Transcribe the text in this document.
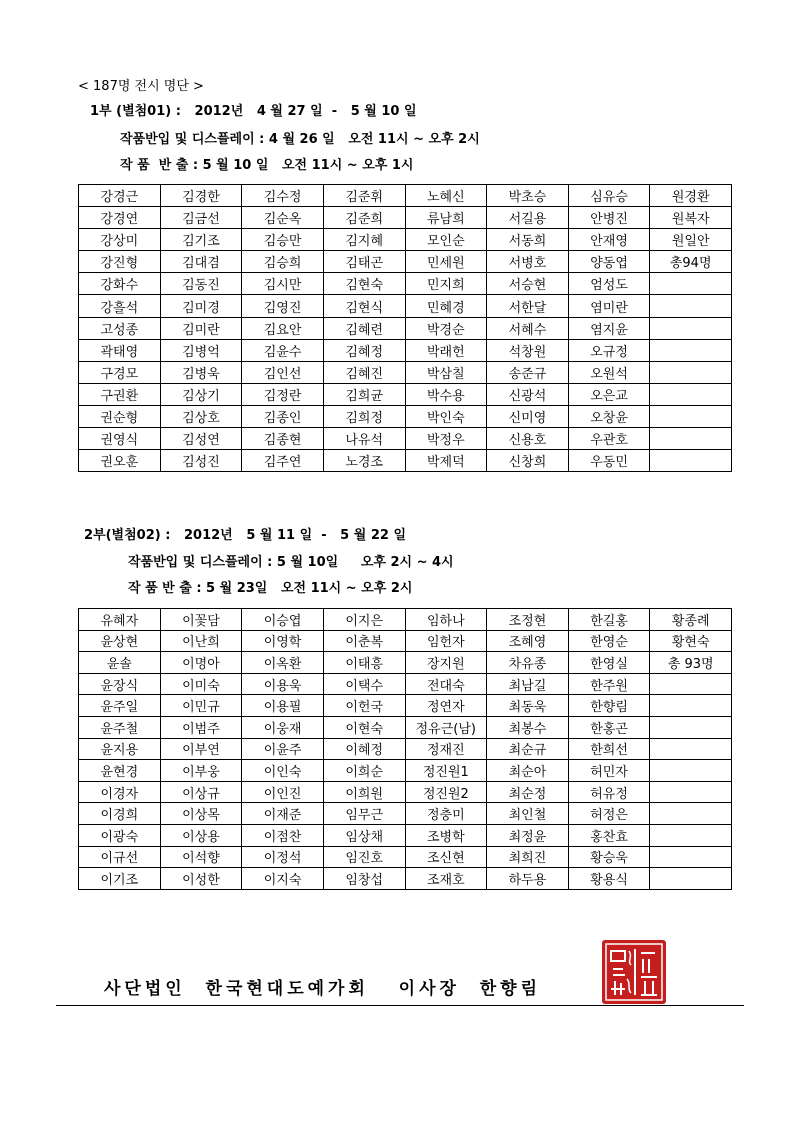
< 187명 전시 명단 >
1부 (별첨01) :   2012년   4 월 27 일  -   5 월 10 일
작품반입 및 디스플레이 : 4 월 26 일   오전 11시 ~ 오후 2시
작 품  반 출 : 5 월 10 일   오전 11시 ~ 오후 1시
강경근	김경한	김수정	김준휘	노혜신	박초승	심유승	원경환
강경연	김금선	김순옥	김준희	류남희	서길용	안병진	원복자
강상미	김기조	김승만	김지혜	모인순	서동희	안재영	원일안
강진형	김대겸	김승희	김태곤	민세원	서병호	양동엽	총94명
강화수	김동진	김시만	김현숙	민지희	서승현	엄성도	
강흘석	김미경	김영진	김현식	민혜경	서한달	염미란	
고성종	김미란	김요안	김혜련	박경순	서혜수	염지윤	
곽태영	김병억	김윤수	김혜정	박래헌	석창원	오규정	
구경모	김병욱	김인선	김혜진	박삼칠	송준규	오원석	
구권환	김상기	김정란	김희균	박수용	신광석	오은교	
권순형	김상호	김종인	김희정	박인숙	신미영	오창윤	
권영식	김성연	김종현	나유석	박정우	신용호	우관호	
권오훈	김성진	김주연	노경조	박제덕	신창희	우동민	
2부(별첨02) :   2012년   5 월 11 일  -   5 월 22 일
작품반입 및 디스플레이 : 5 월 10일     오후 2시 ~ 4시
작 품 반 출 : 5 월 23일   오전 11시 ~ 오후 2시
유혜자	이꽃담	이승엽	이지은	임하나	조정현	한길홍	황종례
윤상현	이난희	이영학	이춘복	임헌자	조혜영	한영순	황현숙
윤솔	이명아	이옥환	이태흥	장지원	차유종	한영실	총 93명
윤장식	이미숙	이용욱	이택수	전대숙	최남길	한주원	
윤주일	이민규	이용필	이헌국	정연자	최동욱	한향림	
윤주철	이범주	이웅재	이현숙	정유근(남)	최봉수	한홍곤	
윤지용	이부연	이윤주	이혜정	정재진	최순규	한희선	
윤현경	이부웅	이인숙	이희순	정진원1	최순아	허민자	
이경자	이상규	이인진	이희원	정진원2	최순정	허유정	
이경희	이상목	이재준	임무근	정충미	최인철	허정은	
이광숙	이상용	이점찬	임상채	조병학	최정윤	홍찬효	
이규선	이석향	이정석	임진호	조신현	최희진	황승욱	
이기조	이성한	이지숙	임창섭	조재호	하두용	황용식	
사단법인  한국현대도예가회   이사장  한향림
